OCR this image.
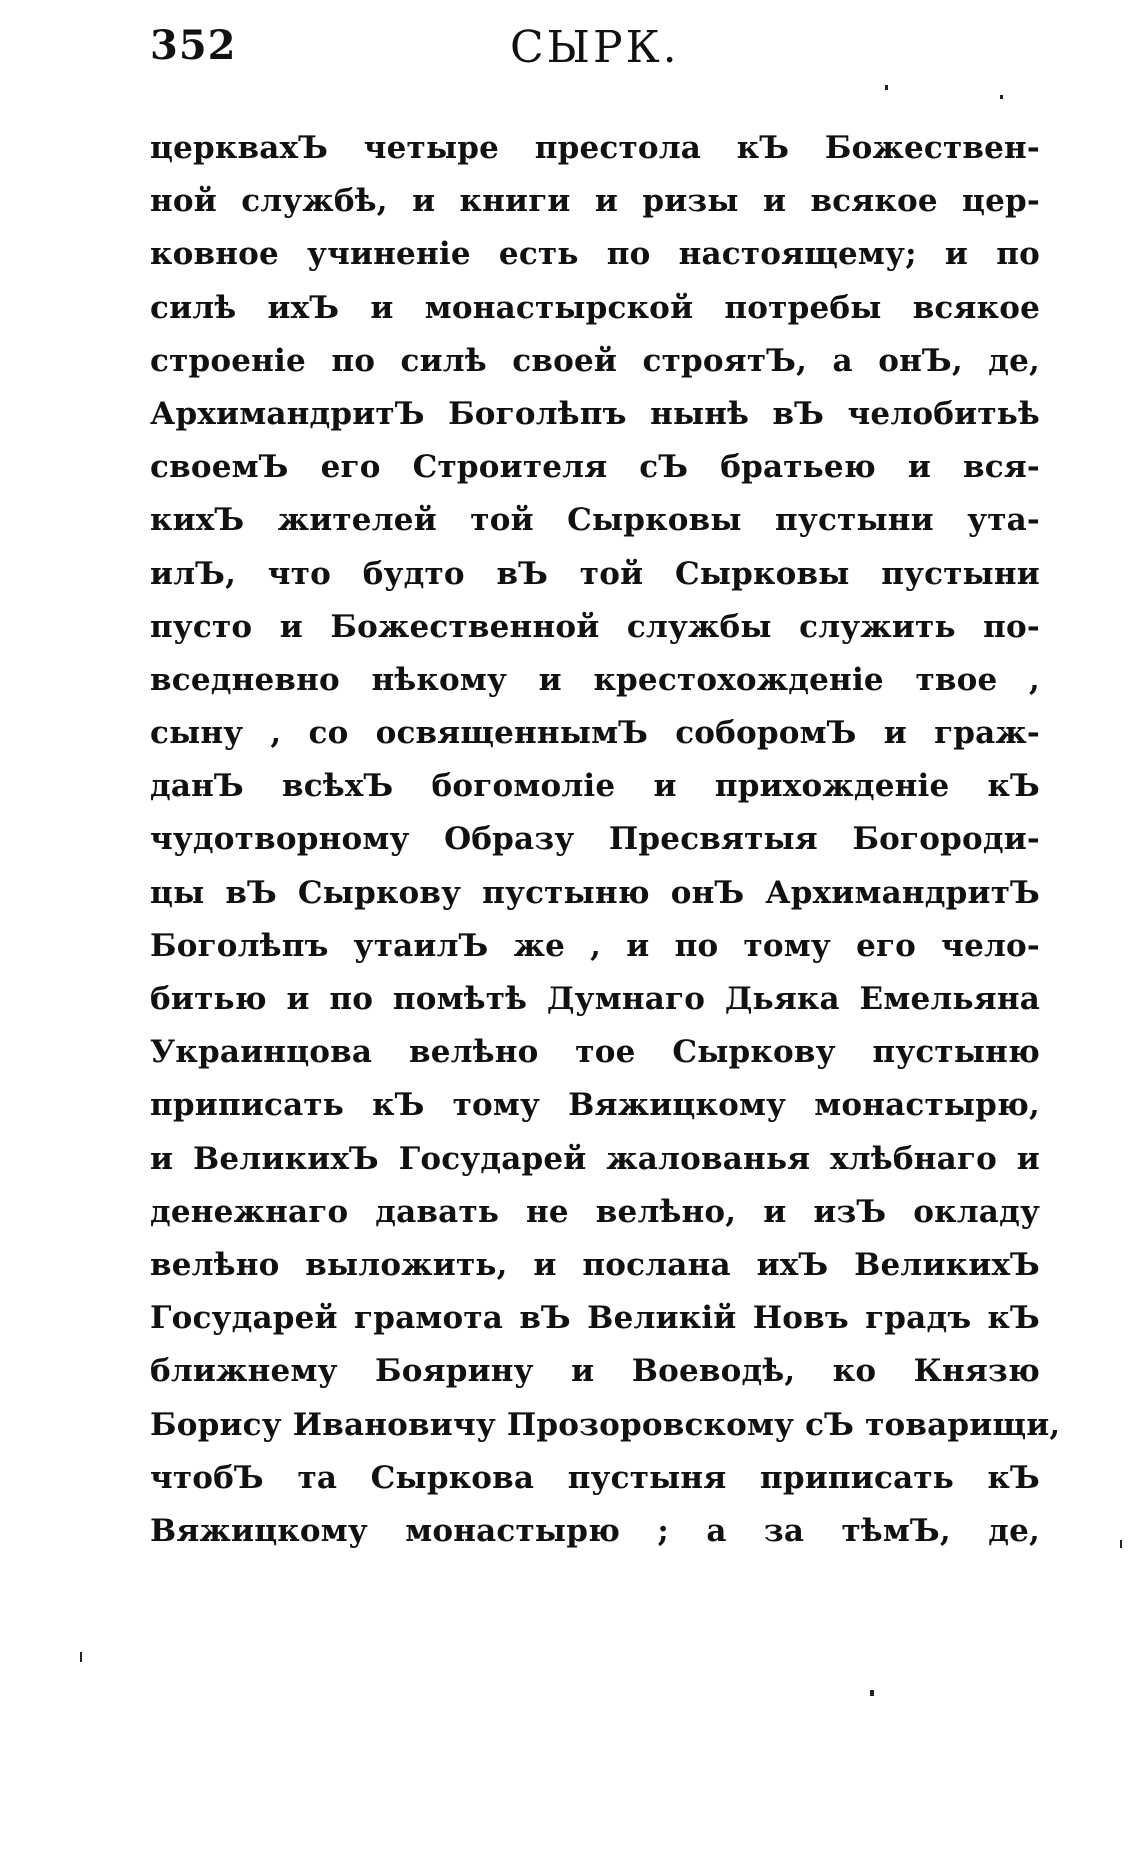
352	СЫРК.
церквахЪ четыре престола кЪ Божествен-
ной службѣ, и книги и ризы и всякое цер-
ковное учиненіе есть по настоящему; и по
силѣ ихЪ и монастырской потребы всякое
строеніе по силѣ своей строятЪ, а онЪ, де,
АрхимандритЪ Боголѣпъ нынѣ вЪ челобитьѣ
своемЪ его Строителя сЪ братьею и вся-
кихЪ жителей той Сырковы пустыни ута-
илЪ, что будто вЪ той Сырковы пустыни
пусто и Божественной службы служить по-
вседневно нѣкому и крестохожденіе твое ,
сыну , со освященнымЪ соборомЪ и граж-
данЪ всѣхЪ богомоліе и прихожденіе кЪ
чудотворному Образу Пресвятыя Богороди-
цы вЪ Сыркову пустыню онЪ АрхимандритЪ
Боголѣпъ утаилЪ же , и по тому его чело-
битью и по помѣтѣ Думнаго Дьяка Емельяна
Украинцова велѣно тое Сыркову пустыню
приписать кЪ тому Вяжицкому монастырю,
и ВеликихЪ Государей жалованья хлѣбнаго и
денежнаго давать не велѣно, и изЪ окладу
велѣно выложить, и послана ихЪ ВеликихЪ
Государей грамота вЪ Великій Новъ градъ кЪ
ближнему Боярину и Воеводѣ, ко Князю
Борису Ивановичу Прозоровскому сЪ товарищи,
чтобЪ та Сыркова пустыня приписать кЪ
Вяжицкому монастырю ; а за тѣмЪ, де,
